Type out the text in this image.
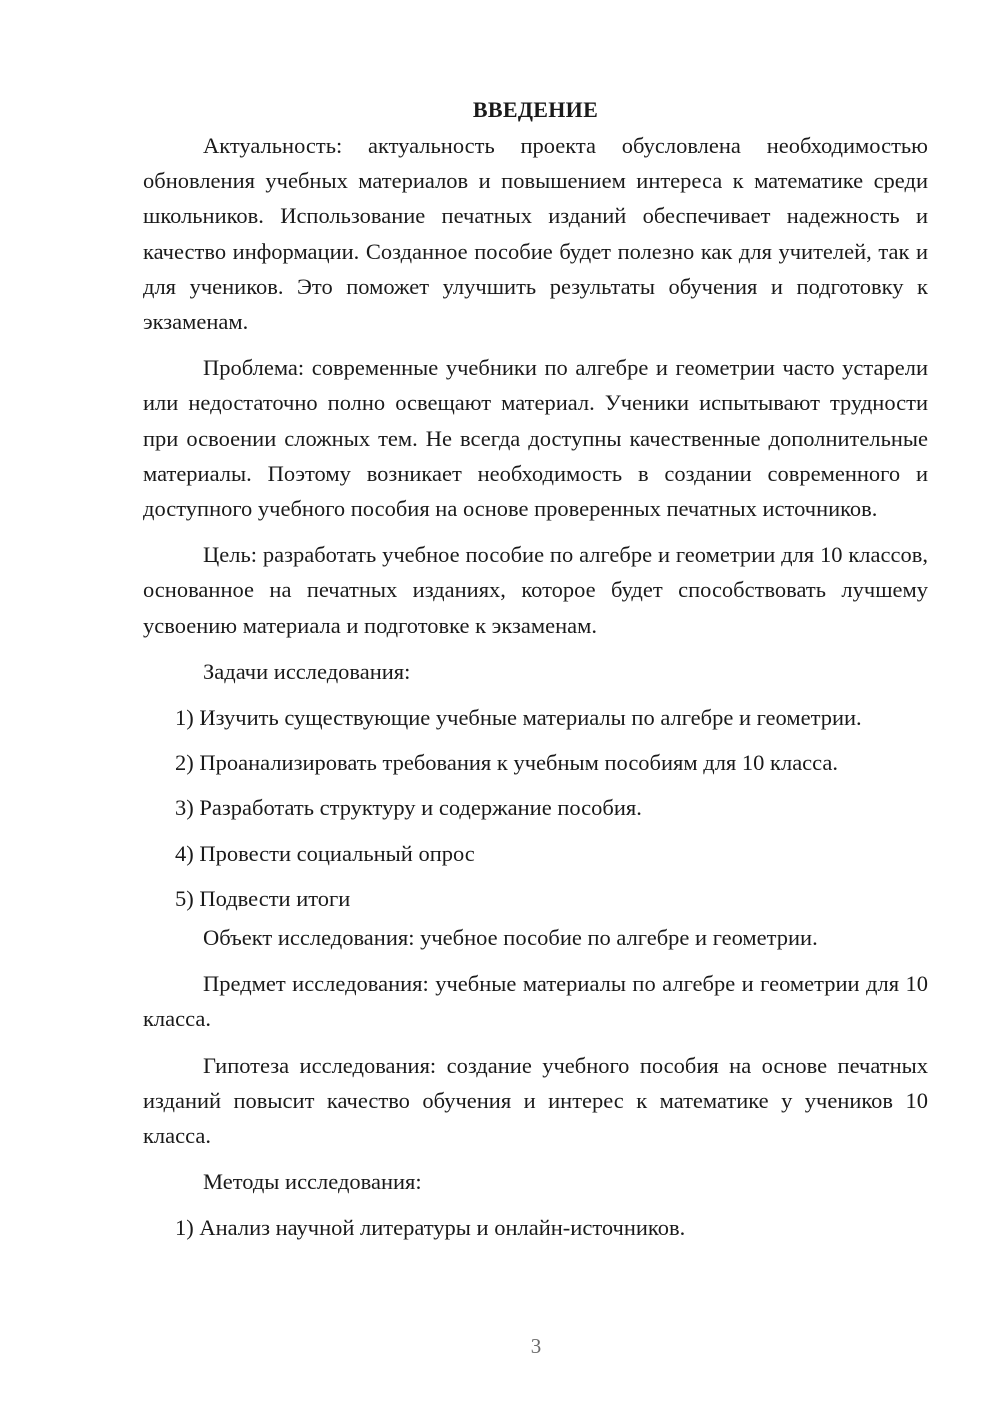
ВВЕДЕНИЕ

Актуальность: актуальность проекта обусловлена необходимостью обновления учебных материалов и повышением интереса к математике среди школьников. Использование печатных изданий обеспечивает надежность и качество информации. Созданное пособие будет полезно как для учителей, так и для учеников. Это поможет улучшить результаты обучения и подготовку к экзаменам.

Проблема: современные учебники по алгебре и геометрии часто устарели или недостаточно полно освещают материал. Ученики испытывают трудности при освоении сложных тем. Не всегда доступны качественные дополнительные материалы. Поэтому возникает необходимость в создании современного и доступного учебного пособия на основе проверенных печатных источников.

Цель: разработать учебное пособие по алгебре и геометрии для 10 классов, основанное на печатных изданиях, которое будет способствовать лучшему усвоению материала и подготовке к экзаменам.

Задачи исследования:

1) Изучить существующие учебные материалы по алгебре и геометрии.
2) Проанализировать требования к учебным пособиям для 10 класса.
3) Разработать структуру и содержание пособия.
4) Провести социальный опрос
5) Подвести итоги

Объект исследования: учебное пособие по алгебре и геометрии.

Предмет исследования: учебные материалы по алгебре и геометрии для 10 класса.

Гипотеза исследования: создание учебного пособия на основе печатных изданий повысит качество обучения и интерес к математике у учеников 10 класса.

Методы исследования:

1) Анализ научной литературы и онлайн-источников.
3
